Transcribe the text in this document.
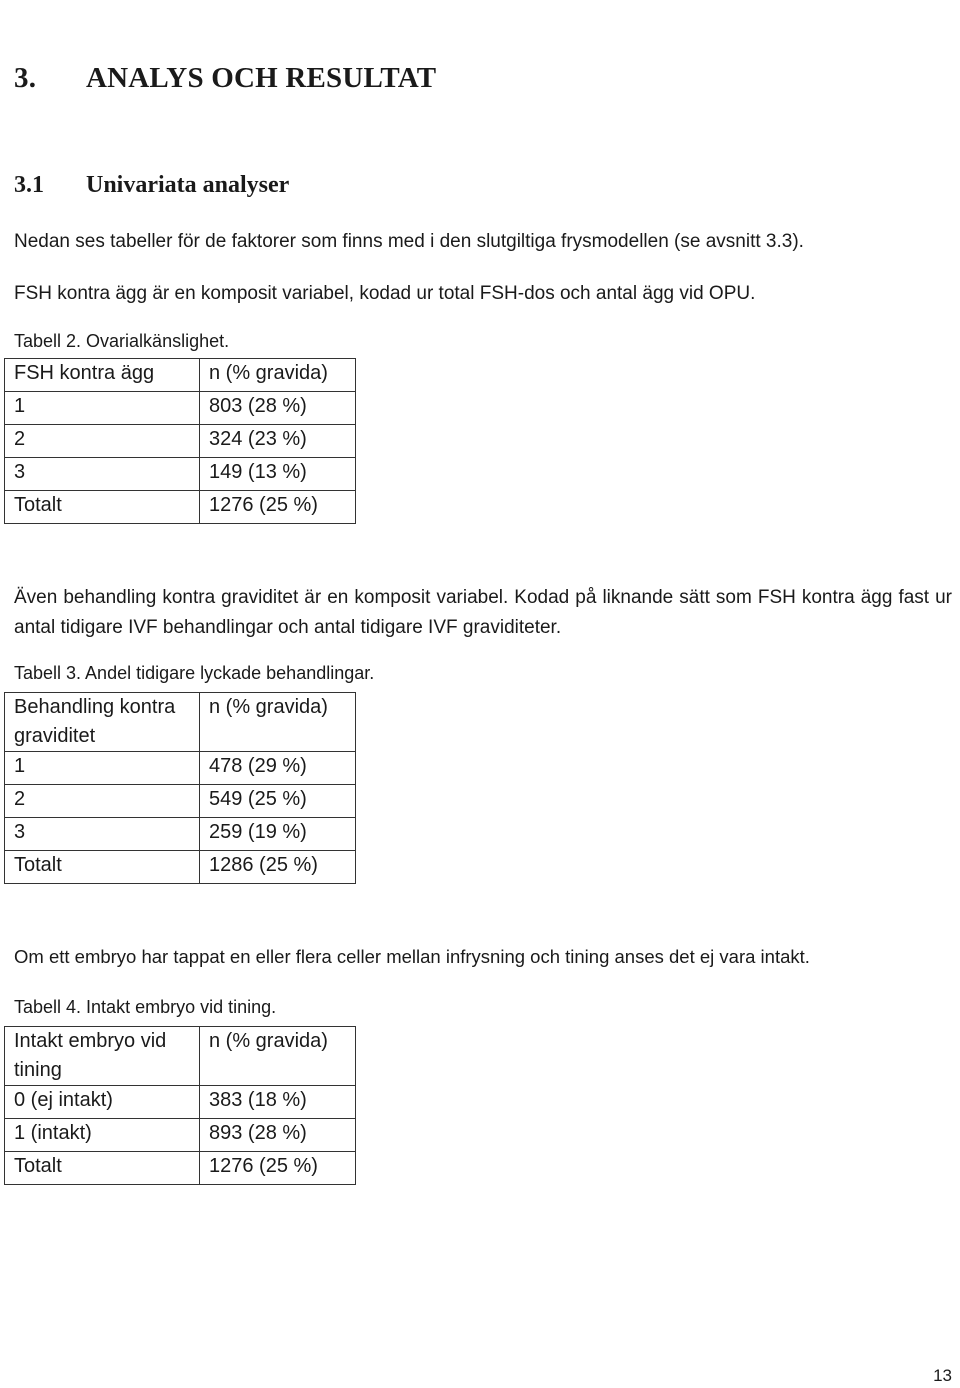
3. ANALYS OCH RESULTAT
3.1 Univariata analyser

Nedan ses tabeller för de faktorer som finns med i den slutgiltiga frysmodellen (se avsnitt 3.3).

FSH kontra ägg är en komposit variabel, kodad ur total FSH-dos och antal ägg vid OPU.

Tabell 2. Ovarialkänslighet.

FSH kontra ägg	n (% gravida)
1	803 (28 %)
2	324 (23 %)
3	149 (13 %)
Totalt	1276 (25 %)

Även behandling kontra graviditet är en komposit variabel. Kodad på liknande sätt som FSH kontra ägg fast ur antal tidigare IVF behandlingar och antal tidigare IVF graviditeter.

Tabell 3. Andel tidigare lyckade behandlingar.

Behandling kontra graviditet	n (% gravida)
1	478 (29 %)
2	549 (25 %)
3	259 (19 %)
Totalt	1286 (25 %)

Om ett embryo har tappat en eller flera celler mellan infrysning och tining anses det ej vara intakt.

Tabell 4. Intakt embryo vid tining.

Intakt embryo vid tining	n (% gravida)
0 (ej intakt)	383 (18 %)
1 (intakt)	893 (28 %)
Totalt	1276 (25 %)
13
